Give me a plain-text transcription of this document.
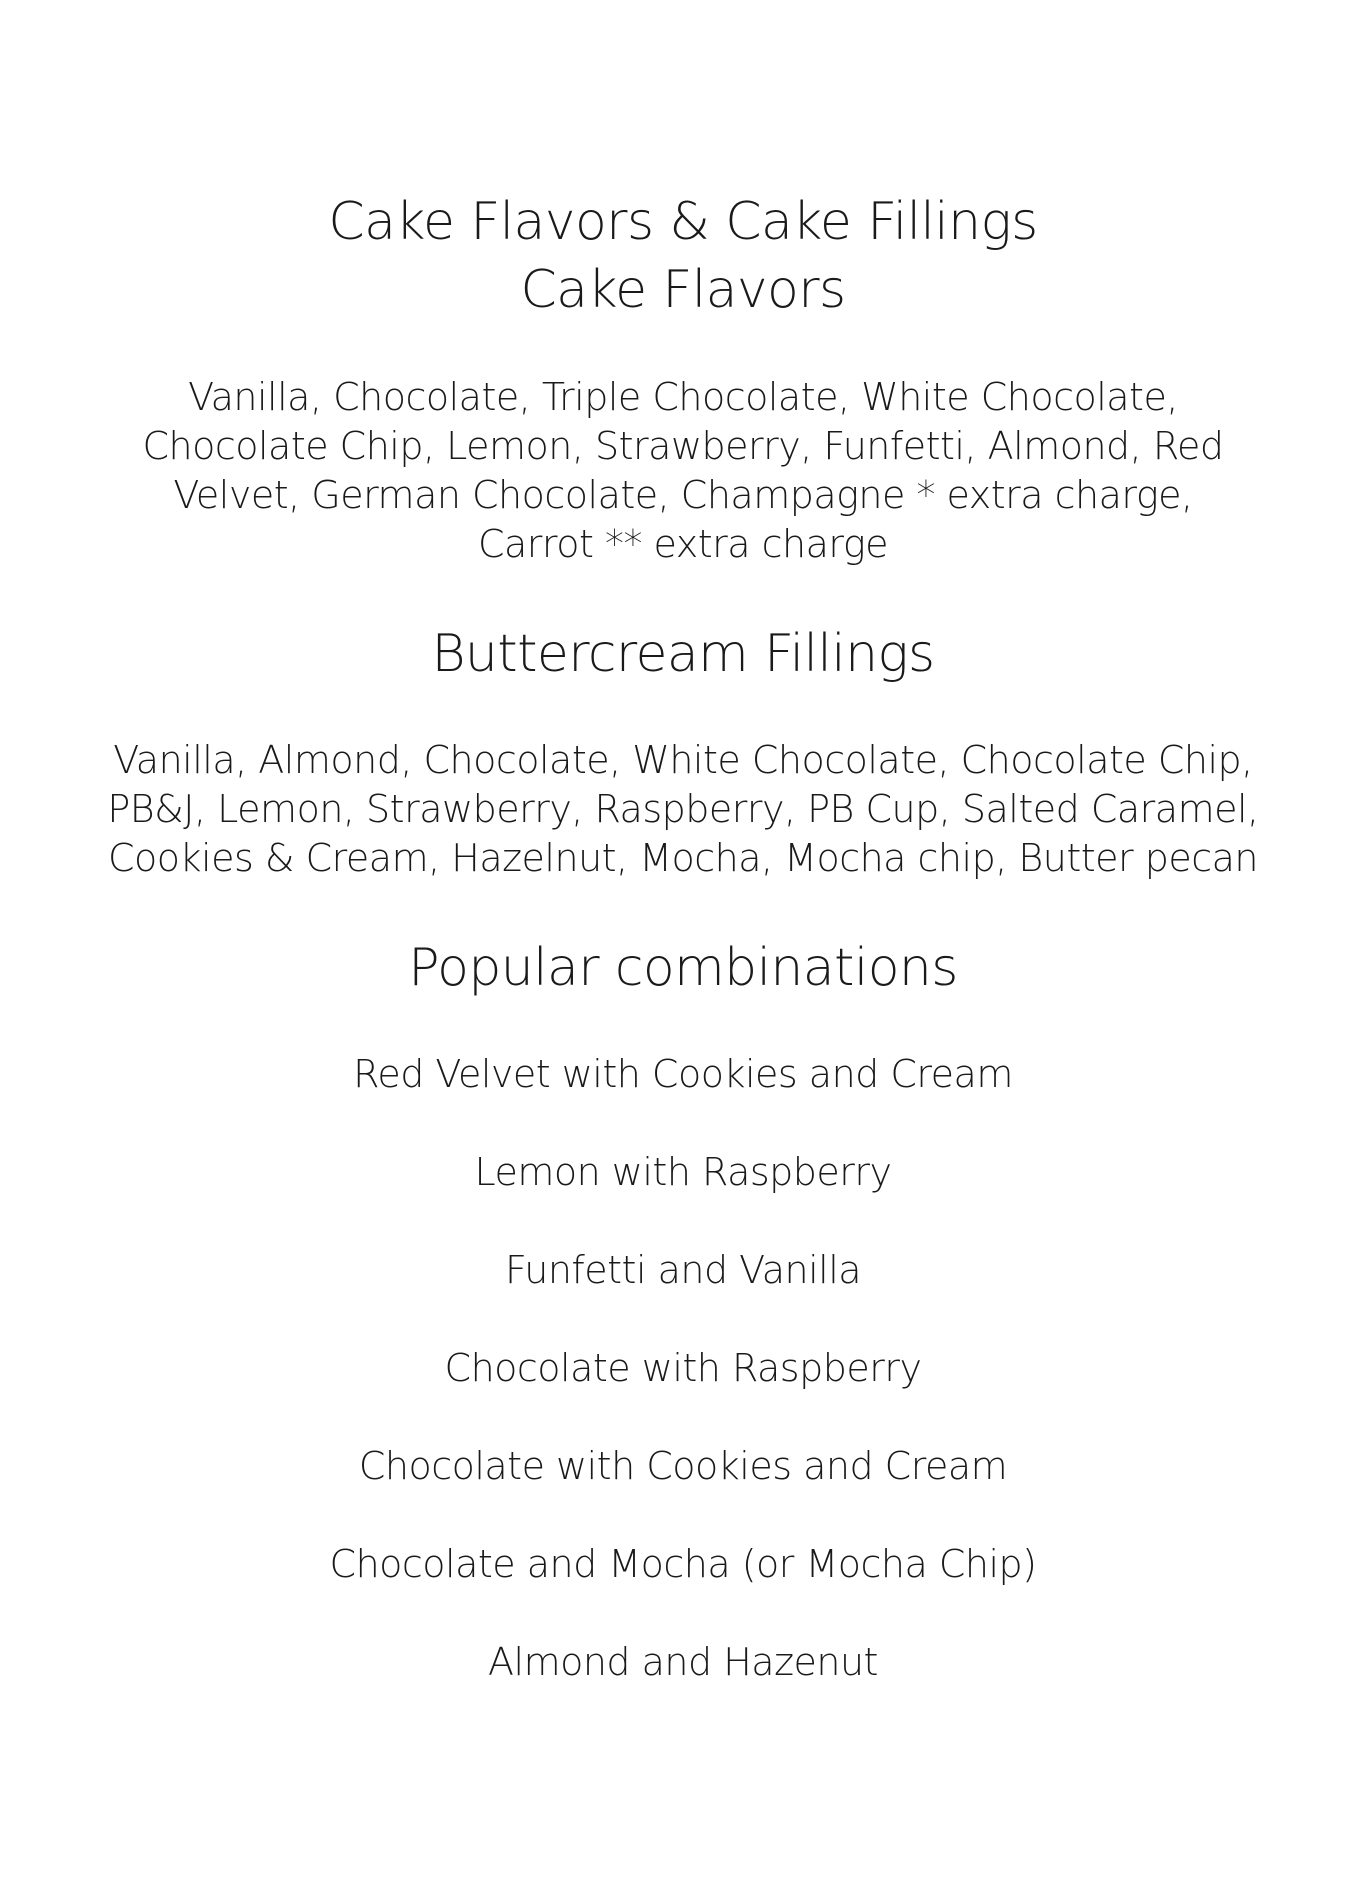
Cake Flavors & Cake Fillings
Cake Flavors
Vanilla, Chocolate, Triple Chocolate, White Chocolate,
Chocolate Chip, Lemon, Strawberry, Funfetti, Almond, Red
Velvet, German Chocolate, Champagne * extra charge,
Carrot ** extra charge
Buttercream Fillings
Vanilla, Almond, Chocolate, White Chocolate, Chocolate Chip,
PB&J, Lemon, Strawberry, Raspberry, PB Cup, Salted Caramel,
Cookies & Cream, Hazelnut, Mocha, Mocha chip, Butter pecan
Popular combinations
Red Velvet with Cookies and Cream
Lemon with Raspberry
Funfetti and Vanilla
Chocolate with Raspberry
Chocolate with Cookies and Cream
Chocolate and Mocha (or Mocha Chip)
Almond and Hazenut
